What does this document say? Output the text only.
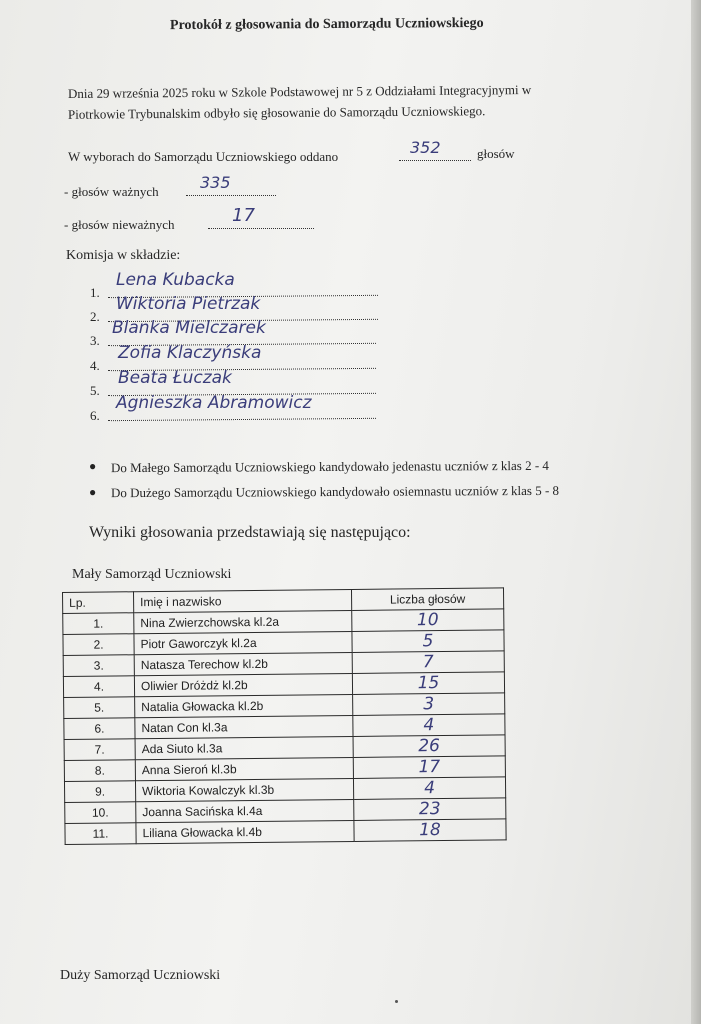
Protokół z głosowania do Samorządu Uczniowskiego
Dnia 29 września 2025 roku w Szkole Podstawowej nr 5 z Oddziałami Integracyjnymi w
Piotrkowie Trybunalskim odbyło się głosowanie do Samorządu Uczniowskiego.
W wyborach do Samorządu Uczniowskiego oddano	352	głosów
- głosów ważnych	335
- głosów nieważnych	17
Komisja w składzie:
1.
Lena Kubacka
2.
Wiktoria Pietrzak
3.
Blanka Mielczarek
4.
Zofia Klaczyńska
5.
Beata Łuczak
6.
Agnieszka Abramowicz
● Do Małego Samorządu Uczniowskiego kandydowało jedenastu uczniów z klas 2 - 4
● Do Dużego Samorządu Uczniowskiego kandydowało osiemnastu uczniów z klas 5 - 8
Wyniki głosowania przedstawiają się następująco:
Mały Samorząd Uczniowski
Lp.	Imię i nazwisko	Liczba głosów
1.	Nina Zwierzchowska kl.2a	10
2.	Piotr Gaworczyk kl.2a	5
3.	Natasza Terechow kl.2b	7
4.	Oliwier Dróżdż kl.2b	15
5.	Natalia Głowacka kl.2b	3
6.	Natan Con kl.3a	4
7.	Ada Siuto kl.3a	26
8.	Anna Sieroń kl.3b	17
9.	Wiktoria Kowalczyk kl.3b	4
10.	Joanna Sacińska kl.4a	23
11.	Liliana Głowacka kl.4b	18
Duży Samorząd Uczniowski
